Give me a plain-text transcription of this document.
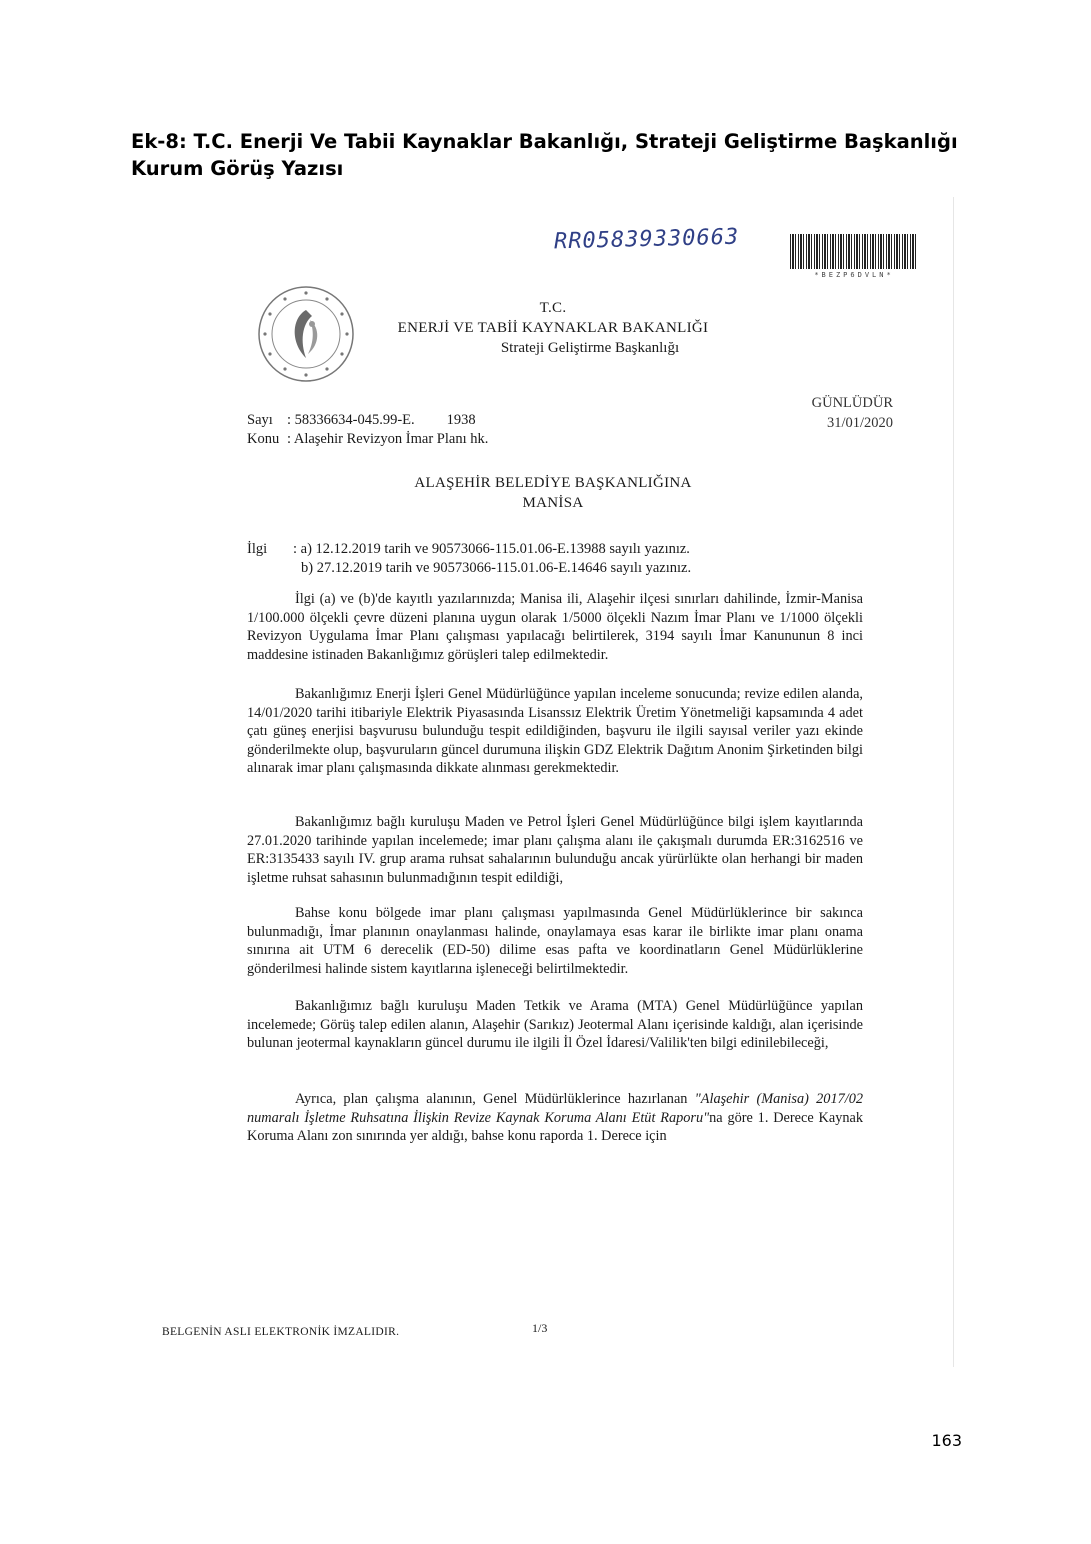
Ek-8: T.C. Enerji Ve Tabii Kaynaklar Bakanlığı, Strateji Geliştirme Başkanlığı
Kurum Görüş Yazısı
RR05839330663
*BEZP6DVLN*
T.C.
ENERJİ VE TABİİ KAYNAKLAR BAKANLIĞI
Strateji Geliştirme Başkanlığı
GÜNLÜDÜR
31/01/2020
Sayı : 58336634-045.99-E. 1938
Konu : Alaşehir Revizyon İmar Planı hk.
ALAŞEHİR BELEDİYE BAŞKANLIĞINA
MANİSA
İlgi : a) 12.12.2019 tarih ve 90573066-115.01.06-E.13988 sayılı yazınız.
b) 27.12.2019 tarih ve 90573066-115.01.06-E.14646 sayılı yazınız.

İlgi (a) ve (b)'de kayıtlı yazılarınızda; Manisa ili, Alaşehir ilçesi sınırları dahilinde, İzmir-Manisa 1/100.000 ölçekli çevre düzeni planına uygun olarak 1/5000 ölçekli Nazım İmar Planı ve 1/1000 ölçekli Revizyon Uygulama İmar Planı çalışması yapılacağı belirtilerek, 3194 sayılı İmar Kanununun 8 inci maddesine istinaden Bakanlığımız görüşleri talep edilmektedir.

Bakanlığımız Enerji İşleri Genel Müdürlüğünce yapılan inceleme sonucunda; revize edilen alanda, 14/01/2020 tarihi itibariyle Elektrik Piyasasında Lisanssız Elektrik Üretim Yönetmeliği kapsamında 4 adet çatı güneş enerjisi başvurusu bulunduğu tespit edildiğinden, başvuru ile ilgili sayısal veriler yazı ekinde gönderilmekte olup, başvuruların güncel durumuna ilişkin GDZ Elektrik Dağıtım Anonim Şirketinden bilgi alınarak imar planı çalışmasında dikkate alınması gerekmektedir.

Bakanlığımız bağlı kuruluşu Maden ve Petrol İşleri Genel Müdürlüğünce bilgi işlem kayıtlarında 27.01.2020 tarihinde yapılan incelemede; imar planı çalışma alanı ile çakışmalı durumda ER:3162516 ve ER:3135433 sayılı IV. grup arama ruhsat sahalarının bulunduğu ancak yürürlükte olan herhangi bir maden işletme ruhsat sahasının bulunmadığının tespit edildiği,

Bahse konu bölgede imar planı çalışması yapılmasında Genel Müdürlüklerince bir sakınca bulunmadığı, İmar planının onaylanması halinde, onaylamaya esas karar ile birlikte imar planı onama sınırına ait UTM 6 derecelik (ED-50) dilime esas pafta ve koordinatların Genel Müdürlüklerine gönderilmesi halinde sistem kayıtlarına işleneceği belirtilmektedir.

Bakanlığımız bağlı kuruluşu Maden Tetkik ve Arama (MTA) Genel Müdürlüğünce yapılan incelemede; Görüş talep edilen alanın, Alaşehir (Sarıkız) Jeotermal Alanı içerisinde kaldığı, alan içerisinde bulunan jeotermal kaynakların güncel durumu ile ilgili İl Özel İdaresi/Valilik'ten bilgi edinilebileceği,

Ayrıca, plan çalışma alanının, Genel Müdürlüklerince hazırlanan "Alaşehir (Manisa) 2017/02 numaralı İşletme Ruhsatına İlişkin Revize Kaynak Koruma Alanı Etüt Raporu"na göre 1. Derece Kaynak Koruma Alanı zon sınırında yer aldığı, bahse konu raporda 1. Derece için

BELGENİN ASLI ELEKTRONİK İMZALIDIR.	1/3
163
